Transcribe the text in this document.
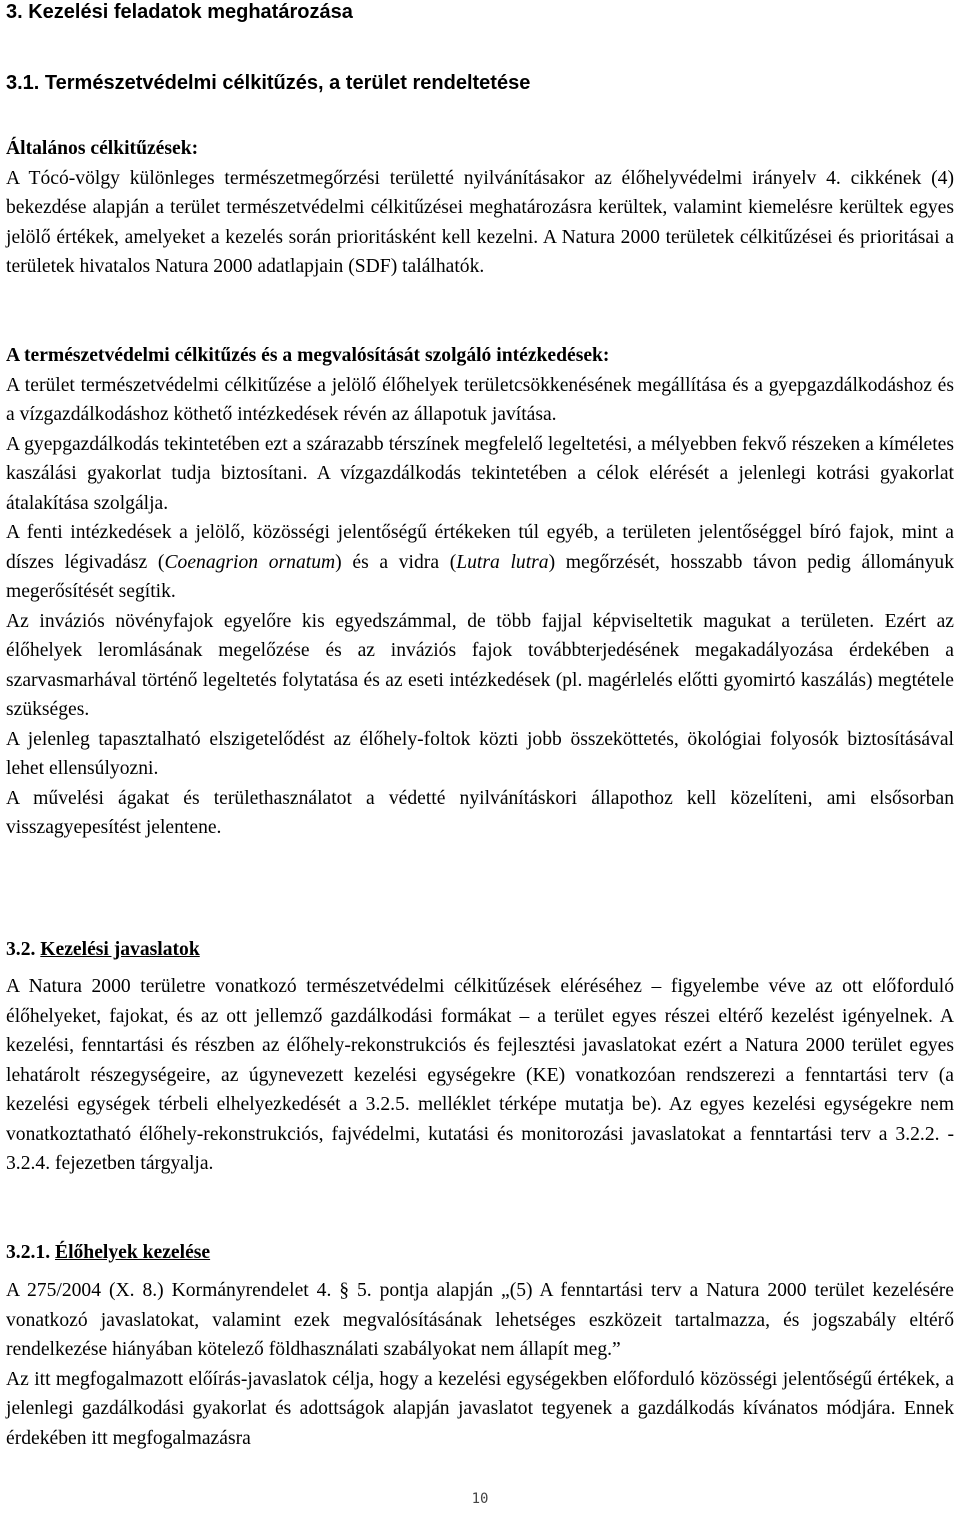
3. Kezelési feladatok meghatározása
3.1. Természetvédelmi célkitűzés, a terület rendeltetése
Általános célkitűzések:

A Tócó-völgy különleges természetmegőrzési területté nyilvánításakor az élőhelyvédelmi irányelv 4. cikkének (4) bekezdése alapján a terület természetvédelmi célkitűzései meghatározásra kerültek, valamint kiemelésre kerültek egyes jelölő értékek, amelyeket a kezelés során prioritásként kell kezelni. A Natura 2000 területek célkitűzései és prioritásai a területek hivatalos Natura 2000 adatlapjain (SDF) találhatók.

A természetvédelmi célkitűzés és a megvalósítását szolgáló intézkedések:

A terület természetvédelmi célkitűzése a jelölő élőhelyek területcsökkenésének megállítása és a gyepgazdálkodáshoz és a vízgazdálkodáshoz köthető intézkedések révén az állapotuk javítása.

A gyepgazdálkodás tekintetében ezt a szárazabb térszínek megfelelő legeltetési, a mélyebben fekvő részeken a kíméletes kaszálási gyakorlat tudja biztosítani. A vízgazdálkodás tekintetében a célok elérését a jelenlegi kotrási gyakorlat átalakítása szolgálja.

A fenti intézkedések a jelölő, közösségi jelentőségű értékeken túl egyéb, a területen jelentőséggel bíró fajok, mint a díszes légivadász (Coenagrion ornatum) és a vidra (Lutra lutra) megőrzését, hosszabb távon pedig állományuk megerősítését segítik.

Az inváziós növényfajok egyelőre kis egyedszámmal, de több fajjal képviseltetik magukat a területen. Ezért az élőhelyek leromlásának megelőzése és az inváziós fajok továbbterjedésének megakadályozása érdekében a szarvasmarhával történő legeltetés folytatása és az eseti intézkedések (pl. magérlelés előtti gyomirtó kaszálás) megtétele szükséges.

A jelenleg tapasztalható elszigetelődést az élőhely-foltok közti jobb összeköttetés, ökológiai folyosók biztosításával lehet ellensúlyozni.

A művelési ágakat és területhasználatot a védetté nyilvánításkori állapothoz kell közelíteni, ami elsősorban visszagyepesítést jelentene.

3.2. Kezelési javaslatok

A Natura 2000 területre vonatkozó természetvédelmi célkitűzések eléréséhez – figyelembe véve az ott előforduló élőhelyeket, fajokat, és az ott jellemző gazdálkodási formákat – a terület egyes részei eltérő kezelést igényelnek. A kezelési, fenntartási és részben az élőhely-rekonstrukciós és fejlesztési javaslatokat ezért a Natura 2000 terület egyes lehatárolt részegységeire, az úgynevezett kezelési egységekre (KE) vonatkozóan rendszerezi a fenntartási terv (a kezelési egységek térbeli elhelyezkedését a 3.2.5. melléklet térképe mutatja be). Az egyes kezelési egységekre nem vonatkoztatható élőhely-rekonstrukciós, fajvédelmi, kutatási és monitorozási javaslatokat a fenntartási terv a 3.2.2. - 3.2.4. fejezetben tárgyalja.

3.2.1. Élőhelyek kezelése

A 275/2004 (X. 8.) Kormányrendelet 4. § 5. pontja alapján „(5) A fenntartási terv a Natura 2000 terület kezelésére vonatkozó javaslatokat, valamint ezek megvalósításának lehetséges eszközeit tartalmazza, és jogszabály eltérő rendelkezése hiányában kötelező földhasználati szabályokat nem állapít meg.”

Az itt megfogalmazott előírás-javaslatok célja, hogy a kezelési egységekben előforduló közösségi jelentőségű értékek, a jelenlegi gazdálkodási gyakorlat és adottságok alapján javaslatot tegyenek a gazdálkodás kívánatos módjára. Ennek érdekében itt megfogalmazásra

10
